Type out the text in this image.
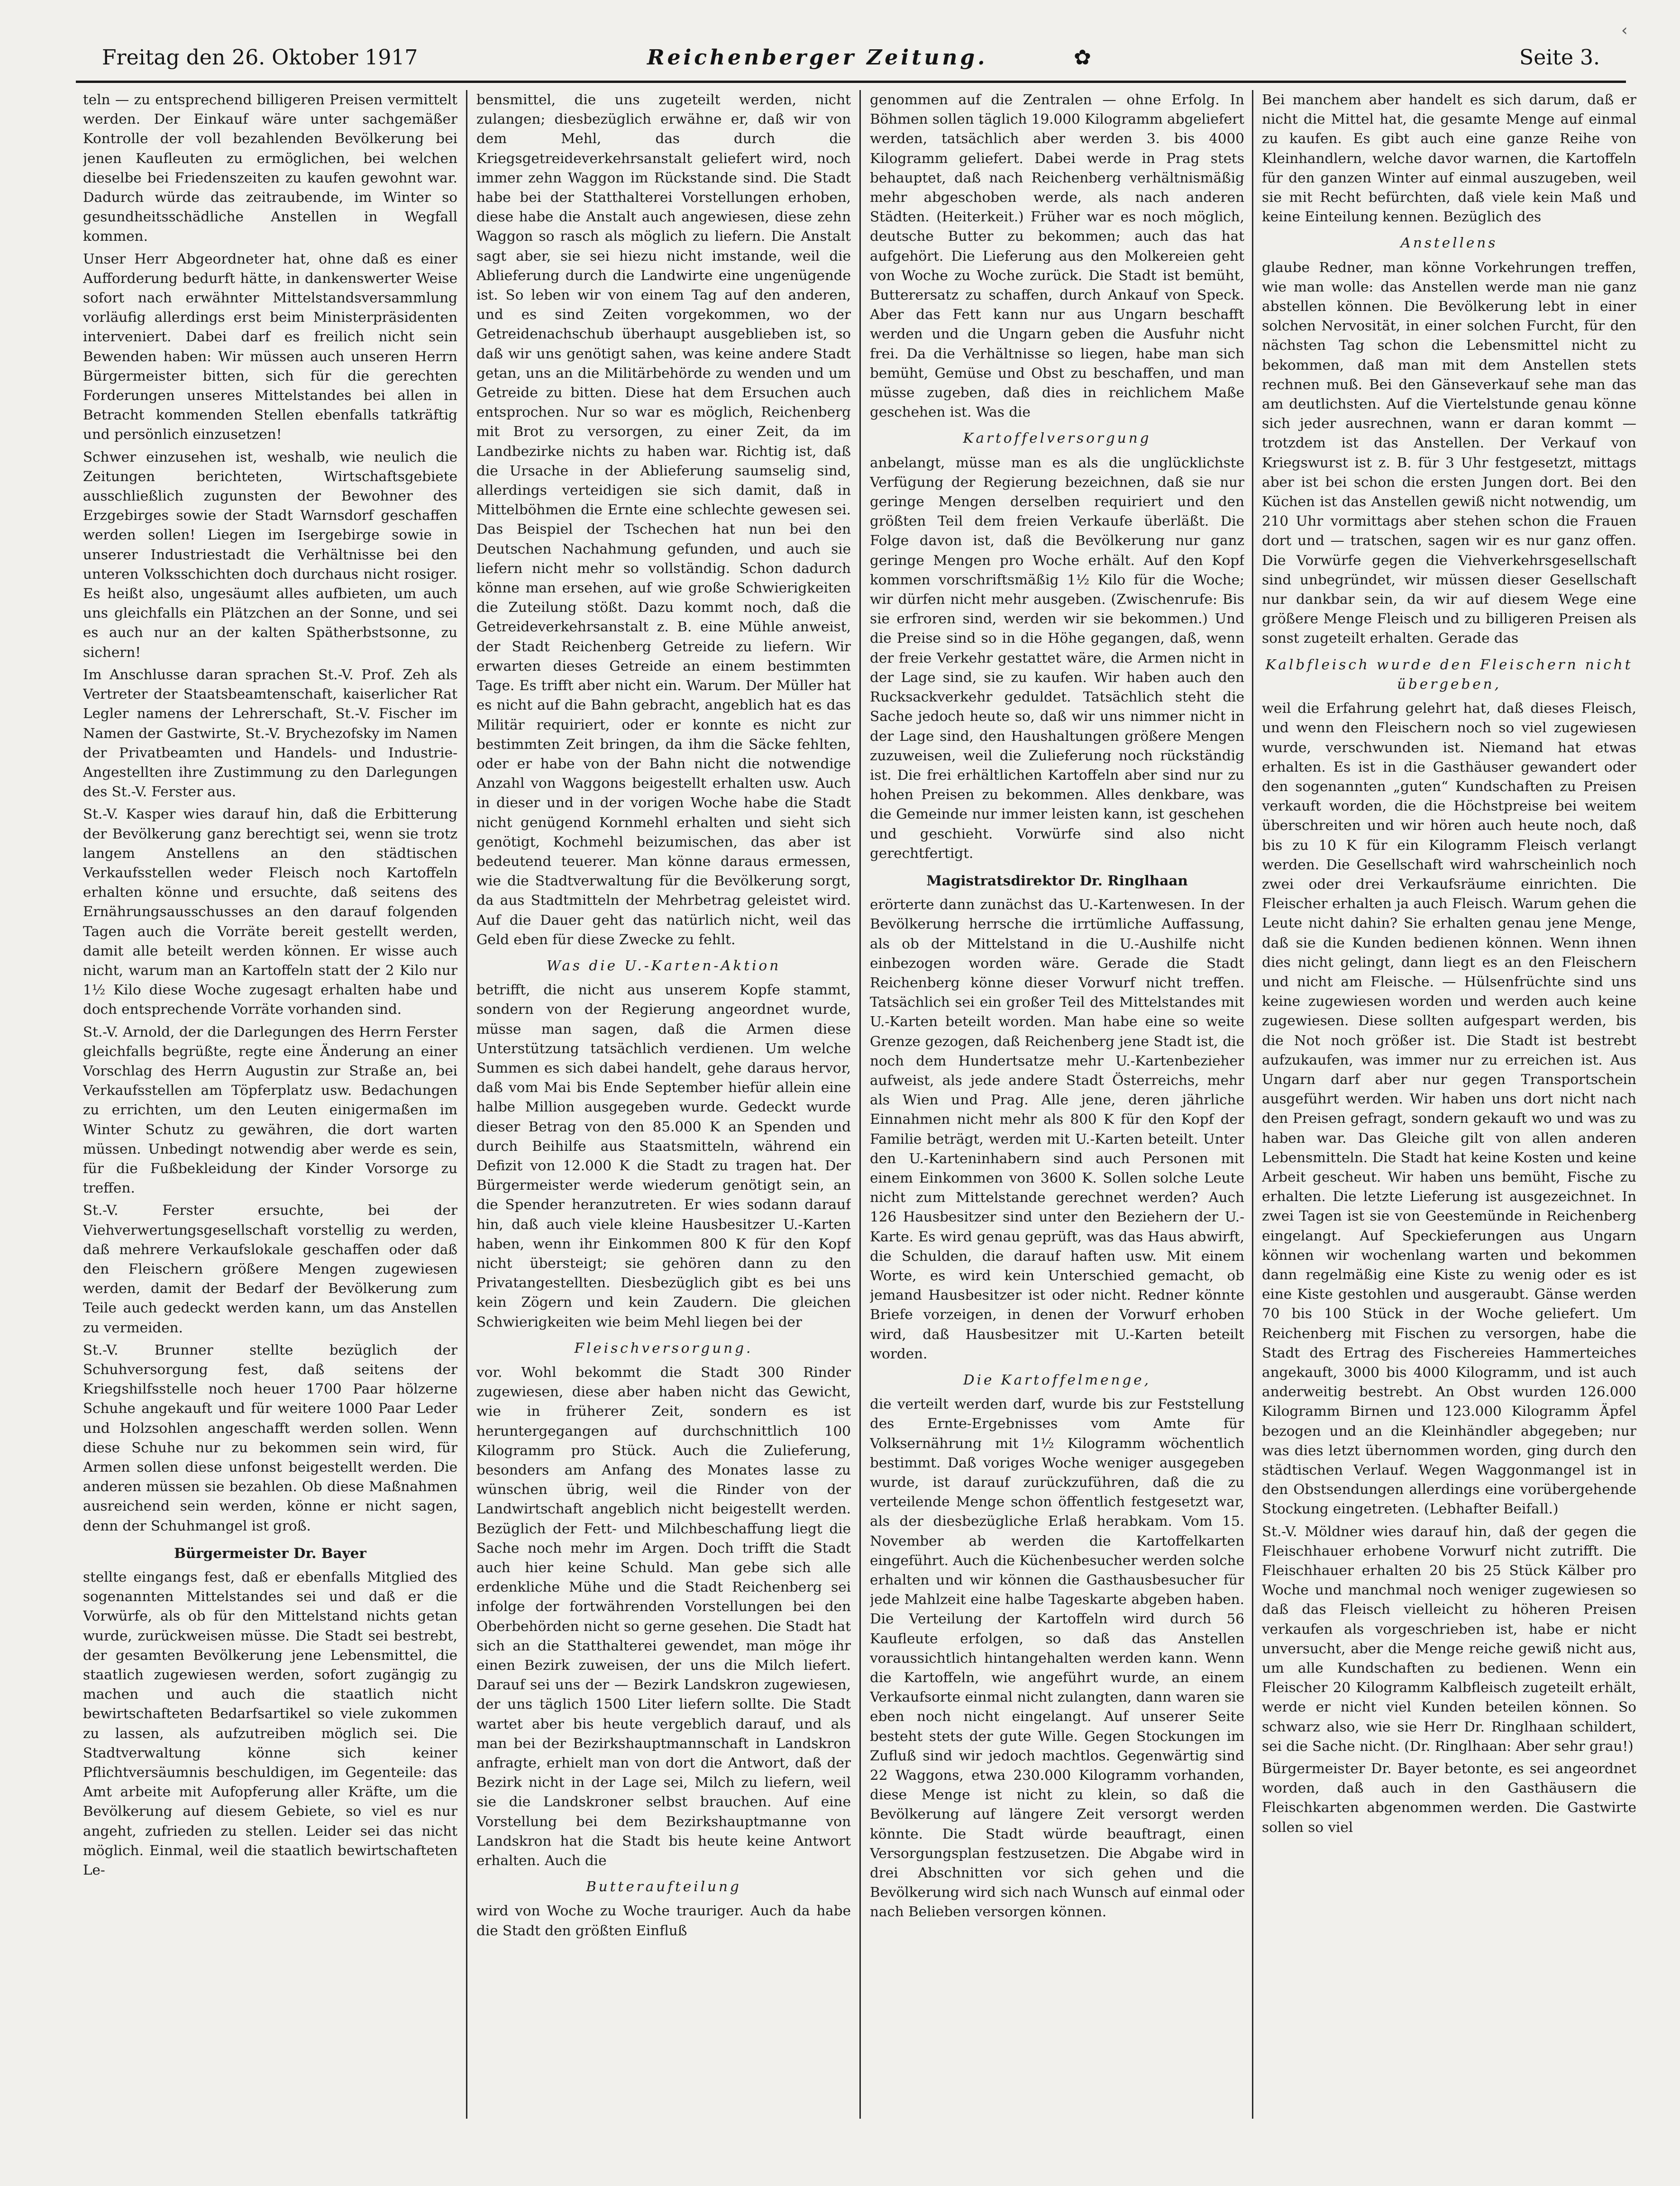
Freitag den 26. Oktober 1917	Reichenberger Zeitung.	✿	Seite 3.
‹

teln — zu entsprechend billigeren Preisen vermittelt werden. Der Einkauf wäre unter sachgemäßer Kontrolle der voll bezahlenden Bevölkerung bei jenen Kaufleuten zu ermöglichen, bei welchen dieselbe bei Friedenszeiten zu kaufen gewohnt war. Dadurch würde das zeitraubende, im Winter so gesundheitsschädliche Anstellen in Wegfall kommen.

Unser Herr Abgeordneter hat, ohne daß es einer Aufforderung bedurft hätte, in dankenswerter Weise sofort nach erwähnter Mittelstandsversammlung vorläufig allerdings erst beim Ministerpräsidenten interveniert. Dabei darf es freilich nicht sein Bewenden haben: Wir müssen auch unseren Herrn Bürgermeister bitten, sich für die gerechten Forderungen unseres Mittelstandes bei allen in Betracht kommenden Stellen ebenfalls tatkräftig und persönlich einzusetzen!

Schwer einzusehen ist, weshalb, wie neulich die Zeitungen berichteten, Wirtschaftsgebiete ausschließlich zugunsten der Bewohner des Erzgebirges sowie der Stadt Warnsdorf geschaffen werden sollen! Liegen im Isergebirge sowie in unserer Industriestadt die Verhältnisse bei den unteren Volksschichten doch durchaus nicht rosiger. Es heißt also, ungesäumt alles aufbieten, um auch uns gleichfalls ein Plätzchen an der Sonne, und sei es auch nur an der kalten Spätherbstsonne, zu sichern!

Im Anschlusse daran sprachen St.-V. Prof. Zeh als Vertreter der Staatsbeamtenschaft, kaiserlicher Rat Legler namens der Lehrerschaft, St.-V. Fischer im Namen der Gastwirte, St.-V. Brychezofsky im Namen der Privatbeamten und Handels- und Industrie-Angestellten ihre Zustimmung zu den Darlegungen des St.-V. Ferster aus.

St.-V. Kasper wies darauf hin, daß die Erbitterung der Bevölkerung ganz berechtigt sei, wenn sie trotz langem Anstellens an den städtischen Verkaufsstellen weder Fleisch noch Kartoffeln erhalten könne und ersuchte, daß seitens des Ernährungsausschusses an den darauf folgenden Tagen auch die Vorräte bereit gestellt werden, damit alle beteilt werden können. Er wisse auch nicht, warum man an Kartoffeln statt der 2 Kilo nur 1½ Kilo diese Woche zugesagt erhalten habe und doch entsprechende Vorräte vorhanden sind.

St.-V. Arnold, der die Darlegungen des Herrn Ferster gleichfalls begrüßte, regte eine Änderung an einer Vorschlag des Herrn Augustin zur Straße an, bei Verkaufsstellen am Töpferplatz usw. Bedachungen zu errichten, um den Leuten einigermaßen im Winter Schutz zu gewähren, die dort warten müssen. Unbedingt notwendig aber werde es sein, für die Fußbekleidung der Kinder Vorsorge zu treffen.

St.-V. Ferster ersuchte, bei der Viehverwertungsgesellschaft vorstellig zu werden, daß mehrere Verkaufslokale geschaffen oder daß den Fleischern größere Mengen zugewiesen werden, damit der Bedarf der Bevölkerung zum Teile auch gedeckt werden kann, um das Anstellen zu vermeiden.

St.-V. Brunner stellte bezüglich der Schuhversorgung fest, daß seitens der Kriegshilfsstelle noch heuer 1700 Paar hölzerne Schuhe angekauft und für weitere 1000 Paar Leder und Holzsohlen angeschafft werden sollen. Wenn diese Schuhe nur zu bekommen sein wird, für Armen sollen diese unfonst beigestellt werden. Die anderen müssen sie bezahlen. Ob diese Maßnahmen ausreichend sein werden, könne er nicht sagen, denn der Schuhmangel ist groß.

Bürgermeister Dr. Bayer

stellte eingangs fest, daß er ebenfalls Mitglied des sogenannten Mittelstandes sei und daß er die Vorwürfe, als ob für den Mittelstand nichts getan wurde, zurückweisen müsse. Die Stadt sei bestrebt, der gesamten Bevölkerung jene Lebensmittel, die staatlich zugewiesen werden, sofort zugängig zu machen und auch die staatlich nicht bewirtschafteten Bedarfsartikel so viele zukommen zu lassen, als aufzutreiben möglich sei. Die Stadtverwaltung könne sich keiner Pflichtversäumnis beschuldigen, im Gegenteile: das Amt arbeite mit Aufopferung aller Kräfte, um die Bevölkerung auf diesem Gebiete, so viel es nur angeht, zufrieden zu stellen. Leider sei das nicht möglich. Einmal, weil die staatlich bewirtschafteten Le-

bensmittel, die uns zugeteilt werden, nicht zulangen; diesbezüglich erwähne er, daß wir von dem Mehl, das durch die Kriegsgetreideverkehrsanstalt geliefert wird, noch immer zehn Waggon im Rückstande sind. Die Stadt habe bei der Statthalterei Vorstellungen erhoben, diese habe die Anstalt auch angewiesen, diese zehn Waggon so rasch als möglich zu liefern. Die Anstalt sagt aber, sie sei hiezu nicht imstande, weil die Ablieferung durch die Landwirte eine ungenügende ist. So leben wir von einem Tag auf den anderen, und es sind Zeiten vorgekommen, wo der Getreidenachschub überhaupt ausgeblieben ist, so daß wir uns genötigt sahen, was keine andere Stadt getan, uns an die Militärbehörde zu wenden und um Getreide zu bitten. Diese hat dem Ersuchen auch entsprochen. Nur so war es möglich, Reichenberg mit Brot zu versorgen, zu einer Zeit, da im Landbezirke nichts zu haben war. Richtig ist, daß die Ursache in der Ablieferung saumselig sind, allerdings verteidigen sie sich damit, daß in Mittelböhmen die Ernte eine schlechte gewesen sei. Das Beispiel der Tschechen hat nun bei den Deutschen Nachahmung gefunden, und auch sie liefern nicht mehr so vollständig. Schon dadurch könne man ersehen, auf wie große Schwierigkeiten die Zuteilung stößt. Dazu kommt noch, daß die Getreideverkehrsanstalt z. B. eine Mühle anweist, der Stadt Reichenberg Getreide zu liefern. Wir erwarten dieses Getreide an einem bestimmten Tage. Es trifft aber nicht ein. Warum. Der Müller hat es nicht auf die Bahn gebracht, angeblich hat es das Militär requiriert, oder er konnte es nicht zur bestimmten Zeit bringen, da ihm die Säcke fehlten, oder er habe von der Bahn nicht die notwendige Anzahl von Waggons beigestellt erhalten usw. Auch in dieser und in der vorigen Woche habe die Stadt nicht genügend Kornmehl erhalten und sieht sich genötigt, Kochmehl beizumischen, das aber ist bedeutend teuerer. Man könne daraus ermessen, wie die Stadtverwaltung für die Bevölkerung sorgt, da aus Stadtmitteln der Mehrbetrag geleistet wird. Auf die Dauer geht das natürlich nicht, weil das Geld eben für diese Zwecke zu fehlt.

Was die U.-Karten-Aktion

betrifft, die nicht aus unserem Kopfe stammt, sondern von der Regierung angeordnet wurde, müsse man sagen, daß die Armen diese Unterstützung tatsächlich verdienen. Um welche Summen es sich dabei handelt, gehe daraus hervor, daß vom Mai bis Ende September hiefür allein eine halbe Million ausgegeben wurde. Gedeckt wurde dieser Betrag von den 85.000 K an Spenden und durch Beihilfe aus Staatsmitteln, während ein Defizit von 12.000 K die Stadt zu tragen hat. Der Bürgermeister werde wiederum genötigt sein, an die Spender heranzutreten. Er wies sodann darauf hin, daß auch viele kleine Hausbesitzer U.-Karten haben, wenn ihr Einkommen 800 K für den Kopf nicht übersteigt; sie gehören dann zu den Privatangestellten. Diesbezüglich gibt es bei uns kein Zögern und kein Zaudern. Die gleichen Schwierigkeiten wie beim Mehl liegen bei der

Fleischversorgung.

vor. Wohl bekommt die Stadt 300 Rinder zugewiesen, diese aber haben nicht das Gewicht, wie in früherer Zeit, sondern es ist heruntergegangen auf durchschnittlich 100 Kilogramm pro Stück. Auch die Zulieferung, besonders am Anfang des Monates lasse zu wünschen übrig, weil die Rinder von der Landwirtschaft angeblich nicht beigestellt werden. Bezüglich der Fett- und Milchbeschaffung liegt die Sache noch mehr im Argen. Doch trifft die Stadt auch hier keine Schuld. Man gebe sich alle erdenkliche Mühe und die Stadt Reichenberg sei infolge der fortwährenden Vorstellungen bei den Oberbehörden nicht so gerne gesehen. Die Stadt hat sich an die Statthalterei gewendet, man möge ihr einen Bezirk zuweisen, der uns die Milch liefert. Darauf sei uns der — Bezirk Landskron zugewiesen, der uns täglich 1500 Liter liefern sollte. Die Stadt wartet aber bis heute vergeblich darauf, und als man bei der Bezirkshauptmannschaft in Landskron anfragte, erhielt man von dort die Antwort, daß der Bezirk nicht in der Lage sei, Milch zu liefern, weil sie die Landskroner selbst brauchen. Auf eine Vorstellung bei dem Bezirkshauptmanne von Landskron hat die Stadt bis heute keine Antwort erhalten. Auch die

Butteraufteilung

wird von Woche zu Woche trauriger. Auch da habe die Stadt den größten Einfluß

genommen auf die Zentralen — ohne Erfolg. In Böhmen sollen täglich 19.000 Kilogramm abgeliefert werden, tatsächlich aber werden 3. bis 4000 Kilogramm geliefert. Dabei werde in Prag stets behauptet, daß nach Reichenberg verhältnismäßig mehr abgeschoben werde, als nach anderen Städten. (Heiterkeit.) Früher war es noch möglich, deutsche Butter zu bekommen; auch das hat aufgehört. Die Lieferung aus den Molkereien geht von Woche zu Woche zurück. Die Stadt ist bemüht, Butterersatz zu schaffen, durch Ankauf von Speck. Aber das Fett kann nur aus Ungarn beschafft werden und die Ungarn geben die Ausfuhr nicht frei. Da die Verhältnisse so liegen, habe man sich bemüht, Gemüse und Obst zu beschaffen, und man müsse zugeben, daß dies in reichlichem Maße geschehen ist. Was die

Kartoffelversorgung

anbelangt, müsse man es als die unglücklichste Verfügung der Regierung bezeichnen, daß sie nur geringe Mengen derselben requiriert und den größten Teil dem freien Verkaufe überläßt. Die Folge davon ist, daß die Bevölkerung nur ganz geringe Mengen pro Woche erhält. Auf den Kopf kommen vorschriftsmäßig 1½ Kilo für die Woche; wir dürfen nicht mehr ausgeben. (Zwischenrufe: Bis sie erfroren sind, werden wir sie bekommen.) Und die Preise sind so in die Höhe gegangen, daß, wenn der freie Verkehr gestattet wäre, die Armen nicht in der Lage sind, sie zu kaufen. Wir haben auch den Rucksackverkehr geduldet. Tatsächlich steht die Sache jedoch heute so, daß wir uns nimmer nicht in der Lage sind, den Haushaltungen größere Mengen zuzuweisen, weil die Zulieferung noch rückständig ist. Die frei erhältlichen Kartoffeln aber sind nur zu hohen Preisen zu bekommen. Alles denkbare, was die Gemeinde nur immer leisten kann, ist geschehen und geschieht. Vorwürfe sind also nicht gerechtfertigt.

Magistratsdirektor Dr. Ringlhaan

erörterte dann zunächst das U.-Kartenwesen. In der Bevölkerung herrsche die irrtümliche Auffassung, als ob der Mittelstand in die U.-Aushilfe nicht einbezogen worden wäre. Gerade die Stadt Reichenberg könne dieser Vorwurf nicht treffen. Tatsächlich sei ein großer Teil des Mittelstandes mit U.-Karten beteilt worden. Man habe eine so weite Grenze gezogen, daß Reichenberg jene Stadt ist, die noch dem Hundertsatze mehr U.-Kartenbezieher aufweist, als jede andere Stadt Österreichs, mehr als Wien und Prag. Alle jene, deren jährliche Einnahmen nicht mehr als 800 K für den Kopf der Familie beträgt, werden mit U.-Karten beteilt. Unter den U.-Karteninhabern sind auch Personen mit einem Einkommen von 3600 K. Sollen solche Leute nicht zum Mittelstande gerechnet werden? Auch 126 Hausbesitzer sind unter den Beziehern der U.-Karte. Es wird genau geprüft, was das Haus abwirft, die Schulden, die darauf haften usw. Mit einem Worte, es wird kein Unterschied gemacht, ob jemand Hausbesitzer ist oder nicht. Redner könnte Briefe vorzeigen, in denen der Vorwurf erhoben wird, daß Hausbesitzer mit U.-Karten beteilt worden.

Die Kartoffelmenge,

die verteilt werden darf, wurde bis zur Feststellung des Ernte-Ergebnisses vom Amte für Volksernährung mit 1½ Kilogramm wöchentlich bestimmt. Daß voriges Woche weniger ausgegeben wurde, ist darauf zurückzuführen, daß die zu verteilende Menge schon öffentlich festgesetzt war, als der diesbezügliche Erlaß herabkam. Vom 15. November ab werden die Kartoffelkarten eingeführt. Auch die Küchenbesucher werden solche erhalten und wir können die Gasthausbesucher für jede Mahlzeit eine halbe Tageskarte abgeben haben. Die Verteilung der Kartoffeln wird durch 56 Kaufleute erfolgen, so daß das Anstellen voraussichtlich hintangehalten werden kann. Wenn die Kartoffeln, wie angeführt wurde, an einem Verkaufsorte einmal nicht zulangten, dann waren sie eben noch nicht eingelangt. Auf unserer Seite besteht stets der gute Wille. Gegen Stockungen im Zufluß sind wir jedoch machtlos. Gegenwärtig sind 22 Waggons, etwa 230.000 Kilogramm vorhanden, diese Menge ist nicht zu klein, so daß die Bevölkerung auf längere Zeit versorgt werden könnte. Die Stadt würde beauftragt, einen Versorgungsplan festzusetzen. Die Abgabe wird in drei Abschnitten vor sich gehen und die Bevölkerung wird sich nach Wunsch auf einmal oder nach Belieben versorgen können.

Bei manchem aber handelt es sich darum, daß er nicht die Mittel hat, die gesamte Menge auf einmal zu kaufen. Es gibt auch eine ganze Reihe von Kleinhandlern, welche davor warnen, die Kartoffeln für den ganzen Winter auf einmal auszugeben, weil sie mit Recht befürchten, daß viele kein Maß und keine Einteilung kennen. Bezüglich des

Anstellens

glaube Redner, man könne Vorkehrungen treffen, wie man wolle: das Anstellen werde man nie ganz abstellen können. Die Bevölkerung lebt in einer solchen Nervosität, in einer solchen Furcht, für den nächsten Tag schon die Lebensmittel nicht zu bekommen, daß man mit dem Anstellen stets rechnen muß. Bei den Gänseverkauf sehe man das am deutlichsten. Auf die Viertelstunde genau könne sich jeder ausrechnen, wann er daran kommt — trotzdem ist das Anstellen. Der Verkauf von Kriegswurst ist z. B. für 3 Uhr festgesetzt, mittags aber ist bei schon die ersten Jungen dort. Bei den Küchen ist das Anstellen gewiß nicht notwendig, um 210 Uhr vormittags aber stehen schon die Frauen dort und — tratschen, sagen wir es nur ganz offen. Die Vorwürfe gegen die Viehverkehrsgesellschaft sind unbegründet, wir müssen dieser Gesellschaft nur dankbar sein, da wir auf diesem Wege eine größere Menge Fleisch und zu billigeren Preisen als sonst zugeteilt erhalten. Gerade das

Kalbfleisch wurde den Fleischern nicht übergeben,

weil die Erfahrung gelehrt hat, daß dieses Fleisch, und wenn den Fleischern noch so viel zugewiesen wurde, verschwunden ist. Niemand hat etwas erhalten. Es ist in die Gasthäuser gewandert oder den sogenannten „guten“ Kundschaften zu Preisen verkauft worden, die die Höchstpreise bei weitem überschreiten und wir hören auch heute noch, daß bis zu 10 K für ein Kilogramm Fleisch verlangt werden. Die Gesellschaft wird wahrscheinlich noch zwei oder drei Verkaufsräume einrichten. Die Fleischer erhalten ja auch Fleisch. Warum gehen die Leute nicht dahin? Sie erhalten genau jene Menge, daß sie die Kunden bedienen können. Wenn ihnen dies nicht gelingt, dann liegt es an den Fleischern und nicht am Fleische. — Hülsenfrüchte sind uns keine zugewiesen worden und werden auch keine zugewiesen. Diese sollten aufgespart werden, bis die Not noch größer ist. Die Stadt ist bestrebt aufzukaufen, was immer nur zu erreichen ist. Aus Ungarn darf aber nur gegen Transportschein ausgeführt werden. Wir haben uns dort nicht nach den Preisen gefragt, sondern gekauft wo und was zu haben war. Das Gleiche gilt von allen anderen Lebensmitteln. Die Stadt hat keine Kosten und keine Arbeit gescheut. Wir haben uns bemüht, Fische zu erhalten. Die letzte Lieferung ist ausgezeichnet. In zwei Tagen ist sie von Geestemünde in Reichenberg eingelangt. Auf Speckieferungen aus Ungarn können wir wochenlang warten und bekommen dann regelmäßig eine Kiste zu wenig oder es ist eine Kiste gestohlen und ausgeraubt. Gänse werden 70 bis 100 Stück in der Woche geliefert. Um Reichenberg mit Fischen zu versorgen, habe die Stadt des Ertrag des Fischereies Hammerteiches angekauft, 3000 bis 4000 Kilogramm, und ist auch anderweitig bestrebt. An Obst wurden 126.000 Kilogramm Birnen und 123.000 Kilogramm Äpfel bezogen und an die Kleinhändler abgegeben; nur was dies letzt übernommen worden, ging durch den städtischen Verlauf. Wegen Waggonmangel ist in den Obstsendungen allerdings eine vorübergehende Stockung eingetreten. (Lebhafter Beifall.)

St.-V. Möldner wies darauf hin, daß der gegen die Fleischhauer erhobene Vorwurf nicht zutrifft. Die Fleischhauer erhalten 20 bis 25 Stück Kälber pro Woche und manchmal noch weniger zugewiesen so daß das Fleisch vielleicht zu höheren Preisen verkaufen als vorgeschrieben ist, habe er nicht unversucht, aber die Menge reiche gewiß nicht aus, um alle Kundschaften zu bedienen. Wenn ein Fleischer 20 Kilogramm Kalbfleisch zugeteilt erhält, werde er nicht viel Kunden beteilen können. So schwarz also, wie sie Herr Dr. Ringlhaan schildert, sei die Sache nicht. (Dr. Ringlhaan: Aber sehr grau!)

Bürgermeister Dr. Bayer betonte, es sei angeordnet worden, daß auch in den Gasthäusern die Fleischkarten abgenommen werden. Die Gastwirte sollen so viel
